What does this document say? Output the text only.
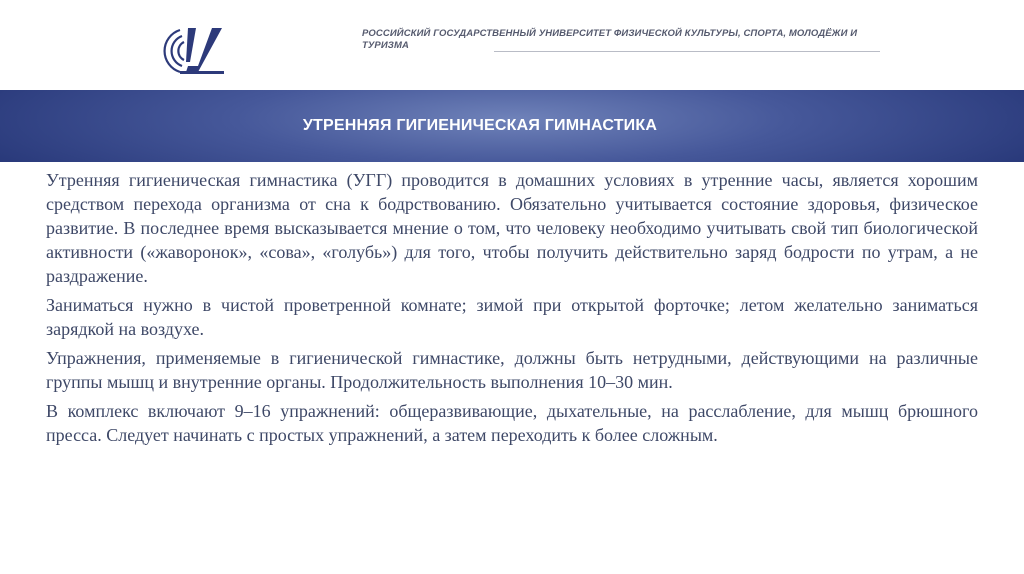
РОССИЙСКИЙ ГОСУДАРСТВЕННЫЙ УНИВЕРСИТЕТ ФИЗИЧЕСКОЙ КУЛЬТУРЫ, СПОРТА, МОЛОДЁЖИ И ТУРИЗМА
УТРЕННЯЯ ГИГИЕНИЧЕСКАЯ ГИМНАСТИКА

Утренняя гигиеническая гимнастика (УГГ) проводится в домашних условиях в утренние часы, является хорошим средством перехода организма от сна к бодрствованию. Обязательно учитывается состояние здоровья, физическое развитие. В последнее время высказывается мнение о том, что человеку необходимо учитывать свой тип биологической активности («жаворонок», «сова», «голубь») для того, чтобы получить действительно заряд бодрости по утрам, а не раздражение.

Заниматься нужно в чистой проветренной комнате; зимой при открытой форточке; летом желательно заниматься зарядкой на воздухе.

Упражнения, применяемые в гигиенической гимнастике, должны быть нетрудными, действующими на различные группы мышц и внутренние органы. Продолжительность выполнения 10–30 мин.

В комплекс включают 9–16 упражнений: общеразвивающие, дыхательные, на расслабление, для мышц брюшного пресса. Следует начинать с простых упражнений, а затем переходить к более сложным.
